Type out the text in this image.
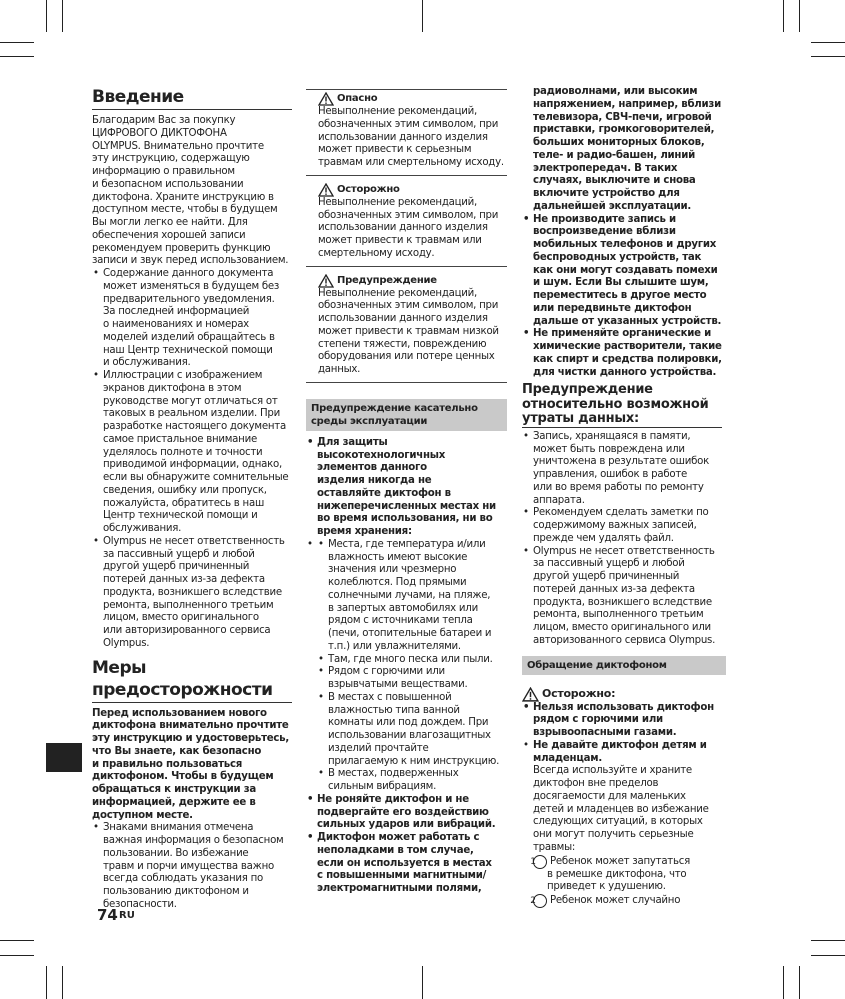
Введение

Благодарим Вас за покупку
ЦИФРОВОГО ДИКТОФОНА
OLYMPUS. Внимательно прочтите
эту инструкцию, содержащую
информацию о правильном
и безопасном использовании
диктофона. Храните инструкцию в
доступном месте, чтобы в будущем
Вы могли легко ее найти. Для
обеспечения хорошей записи
рекомендуем проверить функцию
записи и звук перед использованием.

• Содержание данного документа
может изменяться в будущем без
предварительного уведомления.
За последней информацией
о наименованиях и номерах
моделей изделий обращайтесь в
наш Центр технической помощи
и обслуживания.
• Иллюстрации с изображением
экранов диктофона в этом
руководстве могут отличаться от
таковых в реальном изделии. При
разработке настоящего документа
самое пристальное внимание
уделялось полноте и точности
приводимой информации, однако,
если вы обнаружите сомнительные
сведения, ошибку или пропуск,
пожалуйста, обратитесь в наш
Центр технической помощи и
обслуживания.
• Olympus не несет ответственность
за пассивный ущерб и любой
другой ущерб причиненный
потерей данных из-за дефекта
продукта, возникшего вследствие
ремонта, выполненного третьим
лицом, вместо оригинального
или авторизированного сервиса
Olympus.
Меры предосторожности

Перед использованием нового
диктофона внимательно прочтите
эту инструкцию и удостоверьтесь,
что Вы знаете, как безопасно
и правильно пользоваться
диктофоном. Чтобы в будущем
обращаться к инструкции за
информацией, держите ее в
доступном месте.

• Знаками внимания отмечена
важная информация о безопасном
пользовании. Во избежание
травм и порчи имущества важно
всегда соблюдать указания по
пользованию диктофоном и
безопасности.
Опасно

Невыполнение рекомендаций,
обозначенных этим символом, при
использовании данного изделия
может привести к серьезным
травмам или смертельному исходу.

Осторожно

Невыполнение рекомендаций,
обозначенных этим символом, при
использовании данного изделия
может привести к травмам или
смертельному исходу.

Предупреждение

Невыполнение рекомендаций,
обозначенных этим символом, при
использовании данного изделия
может привести к травмам низкой
степени тяжести, повреждению
оборудования или потере ценных
данных.

Предупреждение касательно
среды эксплуатации
• Для защиты
высокотехнологичных
элементов данного
изделия никогда не
оставляйте диктофон в
нижеперечисленных местах ни
во время использования, ни во
время хранения:
• • Места, где температура и/или
влажность имеют высокие
значения или чрезмерно
колеблются. Под прямыми
солнечными лучами, на пляже,
в запертых автомобилях или
рядом с источниками тепла
(печи, отопительные батареи и
т.п.) или увлажнителями.
• Там, где много песка или пыли.
• Рядом с горючими или
взрывчатыми веществами.
• В местах с повышенной
влажностью типа ванной
комнаты или под дождем. При
использовании влагозащитных
изделий прочтайте
прилагаемую к ним инструкцию.
• В местах, подверженных
сильным вибрациям.
• Не роняйте диктофон и не
подвергайте его воздействию
сильных ударов или вибраций.
• Диктофон может работать с
неполадками в том случае,
если он используется в местах
с повышенными магнитными/
электромагнитными полями,

радиоволнами, или высоким
напряжением, например, вблизи
телевизора, СВЧ-печи, игровой
приставки, громкоговорителей,
больших мониторных блоков,
теле- и радио-башен, линий
электропередач. В таких
случаях, выключите и снова
включите устройство для
дальнейшей эксплуатации.

• Не производите запись и
воспроизведение вблизи
мобильных телефонов и других
беспроводных устройств, так
как они могут создавать помехи
и шум. Если Вы слышите шум,
переместитесь в другое место
или передвиньте диктофон
дальше от указанных устройств.
• Не применяйте органические и
химические растворители, такие
как спирт и средства полировки,
для чистки данного устройства.
Предупреждение
относительно возможной

утраты данных:
• Запись, хранящаяся в памяти,
может быть повреждена или
уничтожена в результате ошибок
управления, ошибок в работе
или во время работы по ремонту
аппарата.
• Рекомендуем сделать заметки по
содержимому важных записей,
прежде чем удалять файл.
• Olympus не несет ответственность
за пассивный ущерб и любой
другой ущерб причиненный
потерей данных из-за дефекта
продукта, возникшего вследствие
ремонта, выполненного третьим
лицом, вместо оригинального или
авторизованного сервиса Olympus.
Обращение диктофоном
Осторожно:
• Нельзя использовать диктофон
рядом с горючими или
взрывоопасными газами.
• Не давайте диктофон детям и
младенцам.
Всегда используйте и храните
диктофон вне пределов
досягаемости для маленьких
детей и младенцев во избежание
следующих ситуаций, в которых
они могут получить серьезные
травмы:
1 Ребенок может запутаться
в ремешке диктофона, что
приведет к удушению.
2 Ребенок может случайно
74 RU
